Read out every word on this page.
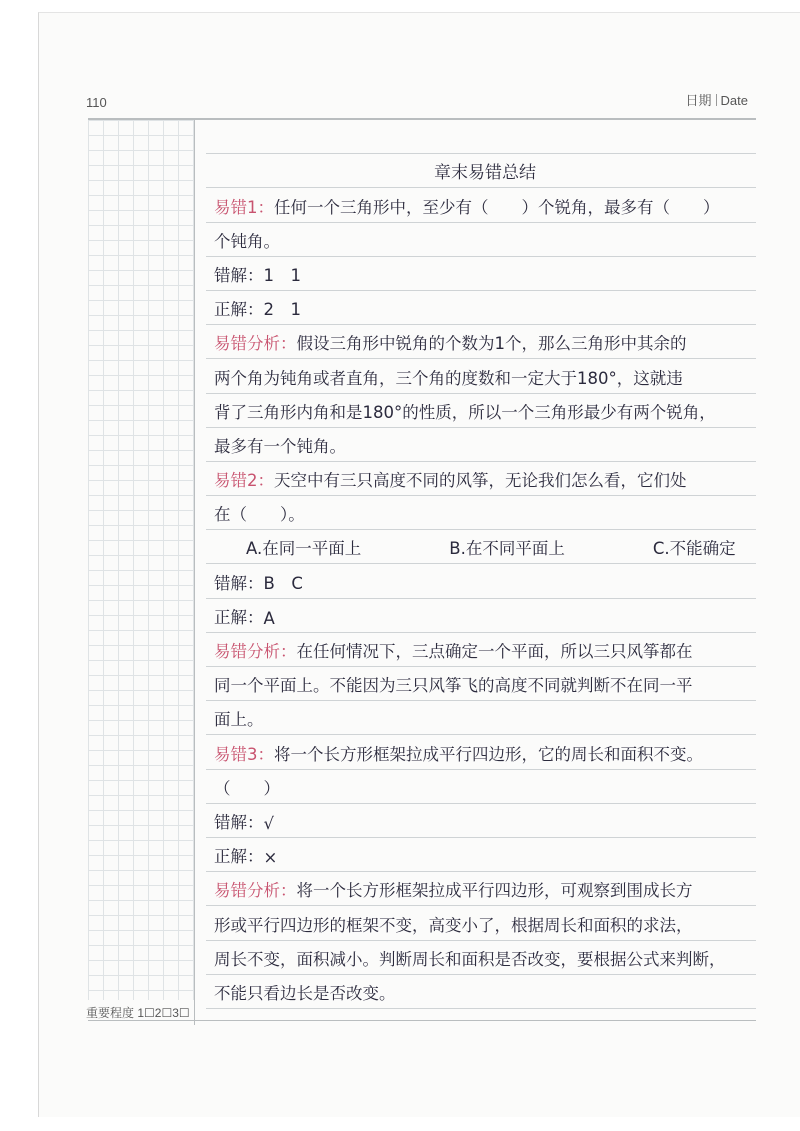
110	日期 Date
重要程度 1☐2☐3☐
章末易错总结
易错1： 任何一个三角形中，至少有（　　）个锐角，最多有（　　）
个钝角。
错解： 1　1
正解： 2　1
易错分析： 假设三角形中锐角的个数为1个，那么三角形中其余的
两个角为钝角或者直角，三个角的度数和一定大于180°，这就违
背了三角形内角和是180°的性质，所以一个三角形最少有两个锐角，
最多有一个钝角。
易错2： 天空中有三只高度不同的风筝，无论我们怎么看，它们处
在（　　）。
A.在同一平面上	B.在不同平面上	C.不能确定
错解： B　C
正解： A
易错分析： 在任何情况下，三点确定一个平面，所以三只风筝都在
同一个平面上。不能因为三只风筝飞的高度不同就判断不在同一平
面上。
易错3： 将一个长方形框架拉成平行四边形，它的周长和面积不变。
（　　）
错解： √
正解： ×
易错分析： 将一个长方形框架拉成平行四边形，可观察到围成长方
形或平行四边形的框架不变，高变小了，根据周长和面积的求法，
周长不变，面积减小。判断周长和面积是否改变，要根据公式来判断，
不能只看边长是否改变。
